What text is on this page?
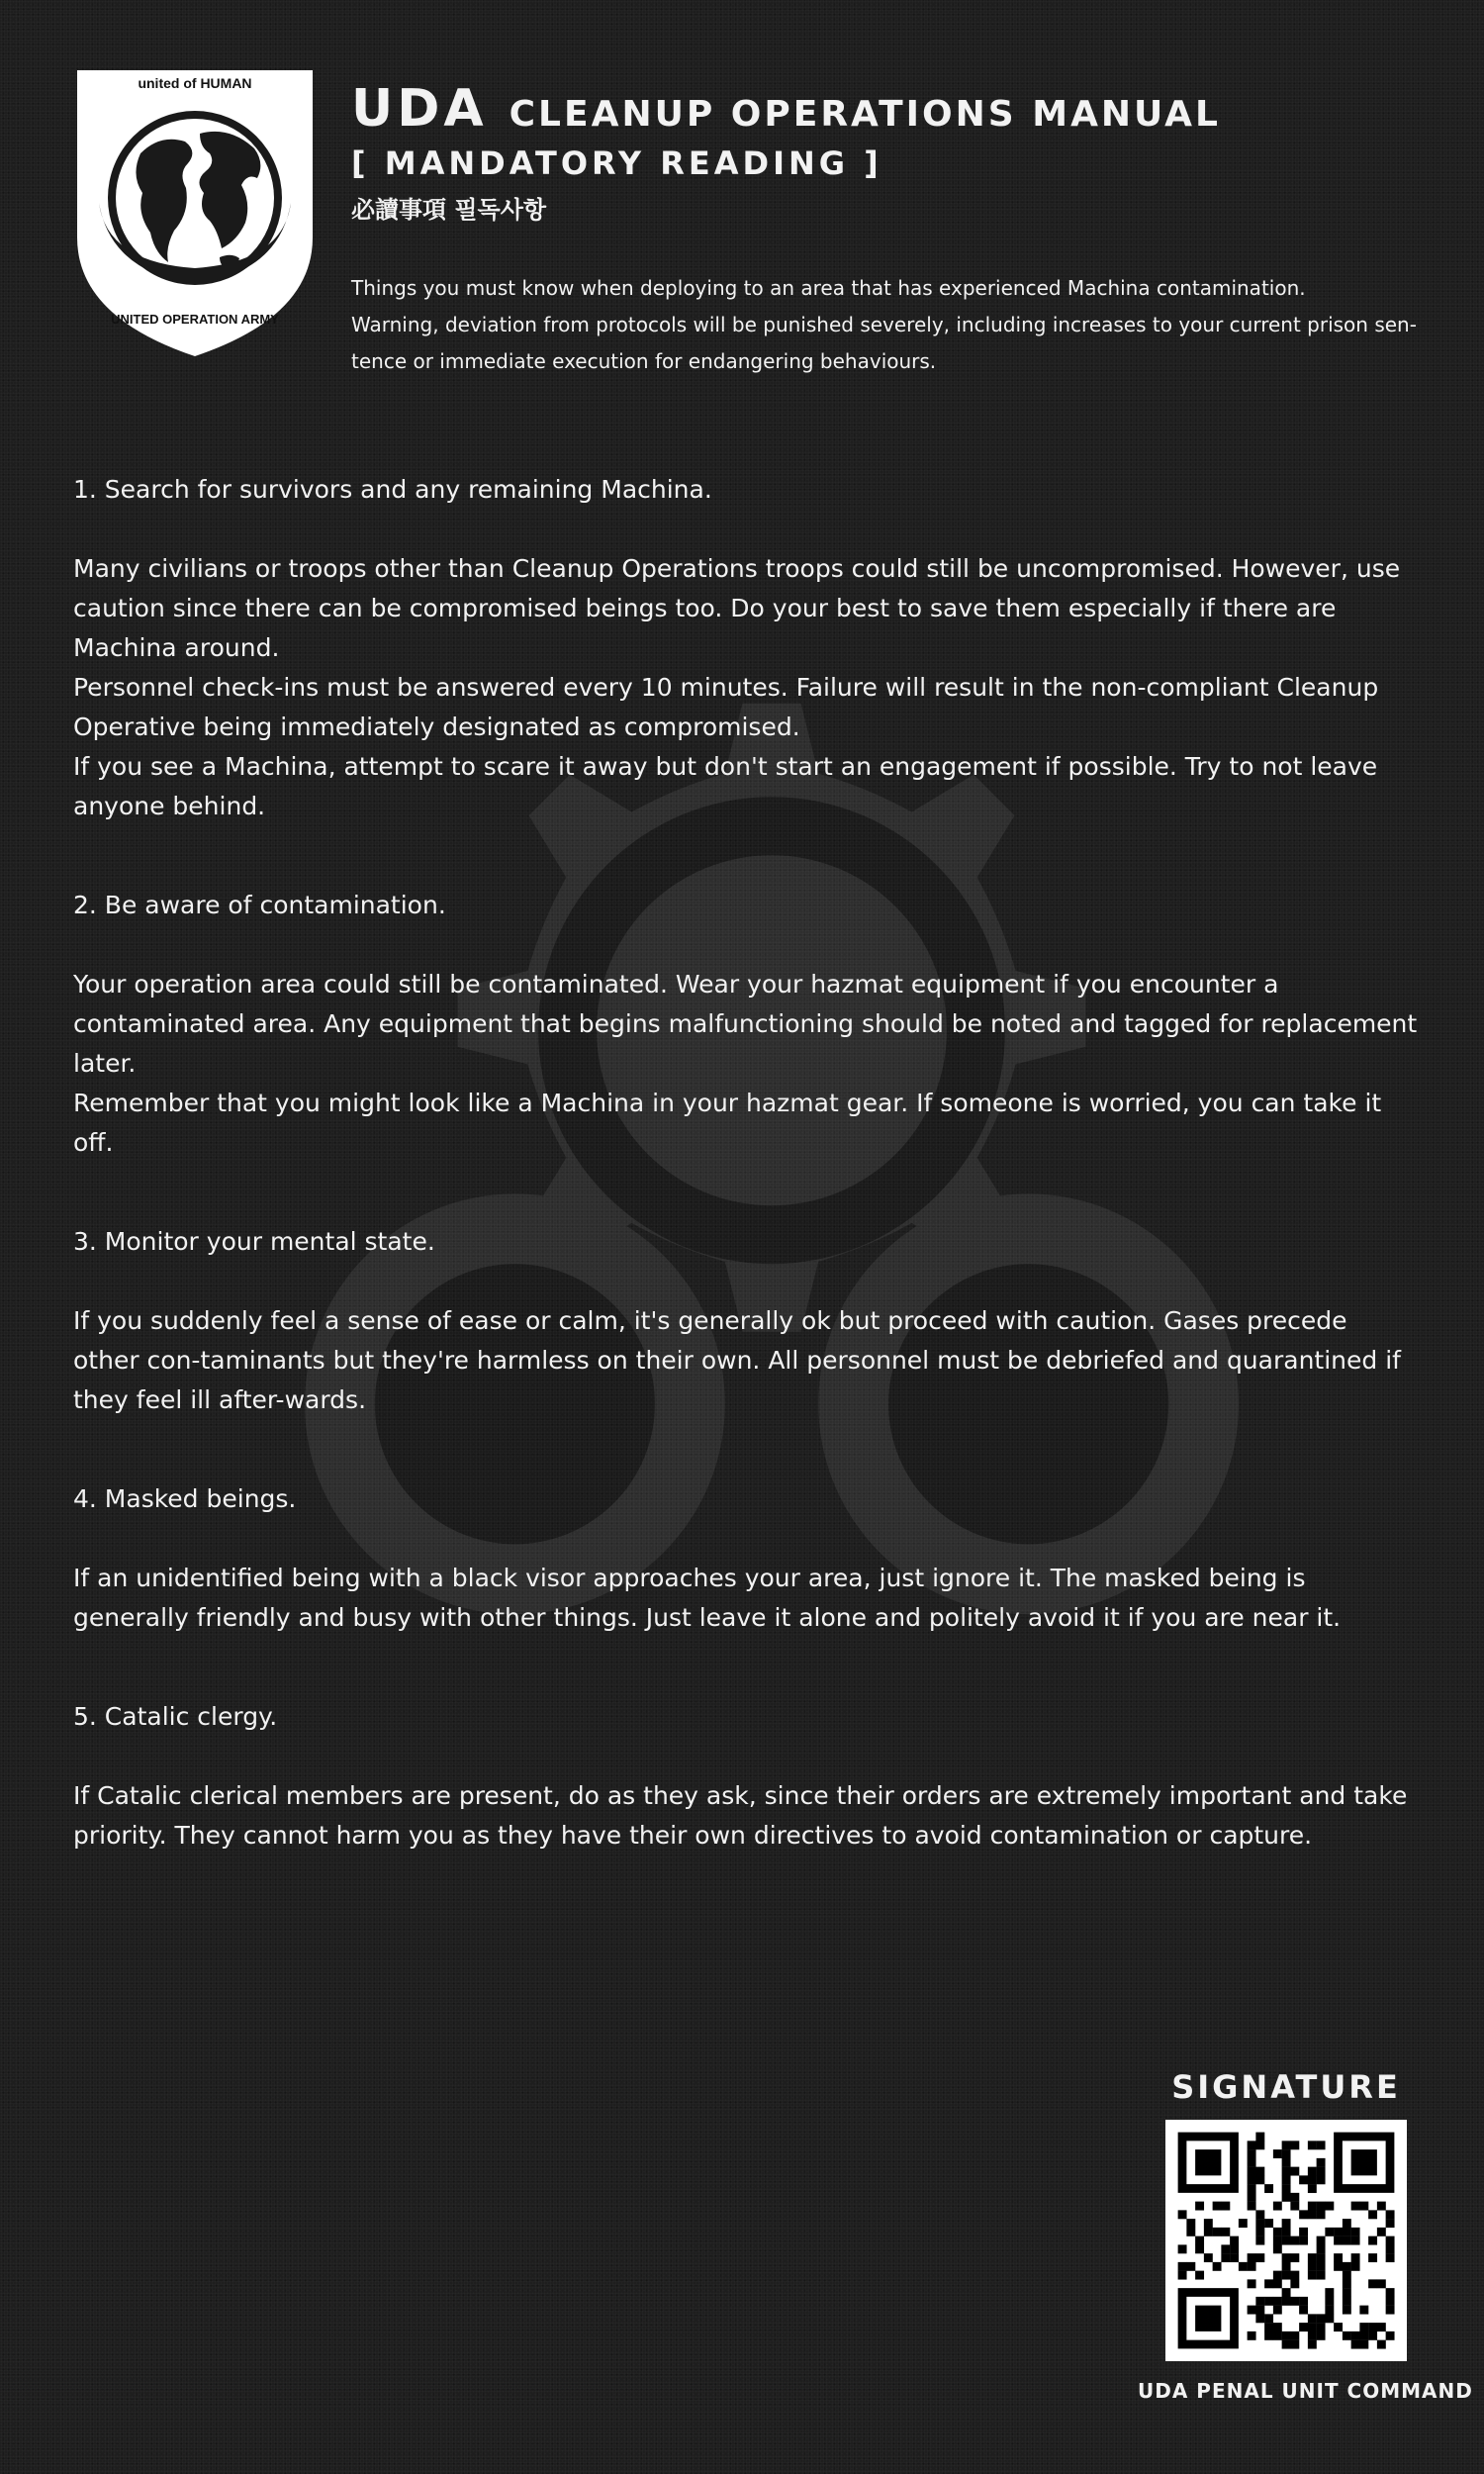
united of HUMAN
UNITED OPERATION ARMY
UDA CLEANUP OPERATIONS MANUAL
[ MANDATORY READING ]
必讀事項 필독사항
Things you must know when deploying to an area that has experienced Machina contamination.
Warning, deviation from protocols will be punished severely, including increases to your current prison sen-
tence or immediate execution for endangering behaviours.
1. Search for survivors and any remaining Machina.

Many civilians or troops other than Cleanup Operations troops could still be uncompromised. However, use caution since there can be compromised beings too. Do your best to save them especially if there are Machina around.

Personnel check-ins must be answered every 10 minutes. Failure will result in the non-compliant Cleanup Operative being immediately designated as compromised.

If you see a Machina, attempt to scare it away but don't start an engagement if possible. Try to not leave anyone behind.

2. Be aware of contamination.

Your operation area could still be contaminated. Wear your hazmat equipment if you encounter a contaminated area. Any equipment that begins malfunctioning should be noted and tagged for replacement later.

Remember that you might look like a Machina in your hazmat gear. If someone is worried, you can take it off.

3. Monitor your mental state.

If you suddenly feel a sense of ease or calm, it's generally ok but proceed with caution. Gases precede other con-taminants but they're harmless on their own. All personnel must be debriefed and quarantined if they feel ill after-wards.

4. Masked beings.

If an unidentified being with a black visor approaches your area, just ignore it. The masked being is generally friendly and busy with other things. Just leave it alone and politely avoid it if you are near it.

5. Catalic clergy.

If Catalic clerical members are present, do as they ask, since their orders are extremely important and take priority. They cannot harm you as they have their own directives to avoid contamination or capture.

SIGNATURE
UDA PENAL UNIT COMMAND
